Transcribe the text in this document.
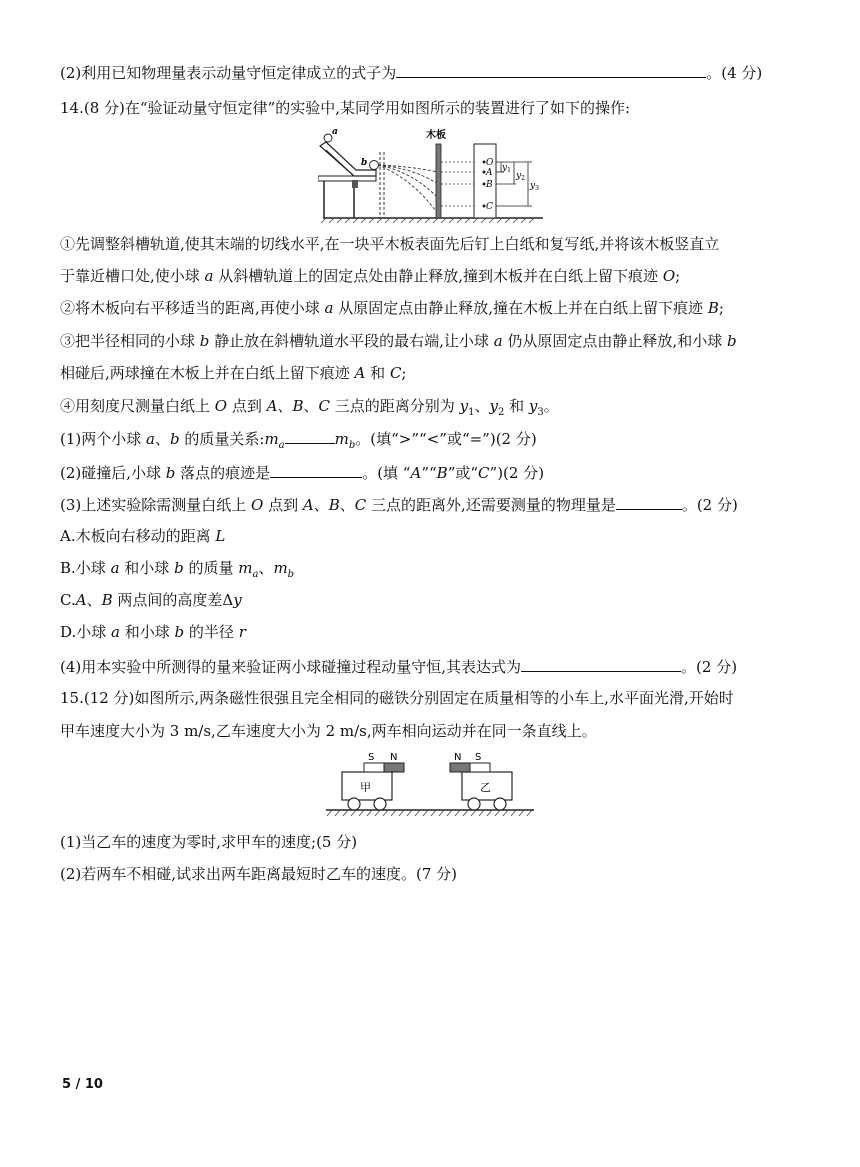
(2)利用已知物理量表示动量守恒定律成立的式子为	。(4 分)
14.(8 分)在“验证动量守恒定律”的实验中,某同学用如图所示的装置进行了如下的操作:
a
b
木板
O
A
B
C
$y_1$
$y_2$
$y_3$
①先调整斜槽轨道,使其末端的切线水平,在一块平木板表面先后钉上白纸和复写纸,并将该木板竖直立
于靠近槽口处,使小球 a 从斜槽轨道上的固定点处由静止释放,撞到木板并在白纸上留下痕迹 O;
②将木板向右平移适当的距离,再使小球 a 从原固定点由静止释放,撞在木板上并在白纸上留下痕迹 B;
③把半径相同的小球 b 静止放在斜槽轨道水平段的最右端,让小球 a 仍从原固定点由静止释放,和小球 b
相碰后,两球撞在木板上并在白纸上留下痕迹 A 和 C;
④用刻度尺测量白纸上 O 点到 A、B、C 三点的距离分别为 $y_1$、$y_2$ 和 $y_3$。
(1)两个小球 a、b 的质量关系$:m_a$	$m_b$。(填“>”“<”或“=”)(2 分)
(2)碰撞后,小球 b 落点的痕迹是	。(填 “A”“B”或“C”)(2 分)
(3)上述实验除需测量白纸上 O 点到 A、B、C 三点的距离外,还需要测量的物理量是	。(2 分)
A.木板向右移动的距离 L
B.小球 a 和小球 b 的质量 $m_a$、$m_b$
C.A、B 两点间的高度差Δy
D.小球 a 和小球 b 的半径 r
(4)用本实验中所测得的量来验证两小球碰撞过程动量守恒,其表达式为	。(2 分)
15.(12 分)如图所示,两条磁性很强且完全相同的磁铁分别固定在质量相等的小车上,水平面光滑,开始时
甲车速度大小为 3 m/s,乙车速度大小为 2 m/s,两车相向运动并在同一条直线上。
甲
S N
乙
N S
(1)当乙车的速度为零时,求甲车的速度;(5 分)
(2)若两车不相碰,试求出两车距离最短时乙车的速度。(7 分)
5 / 10
